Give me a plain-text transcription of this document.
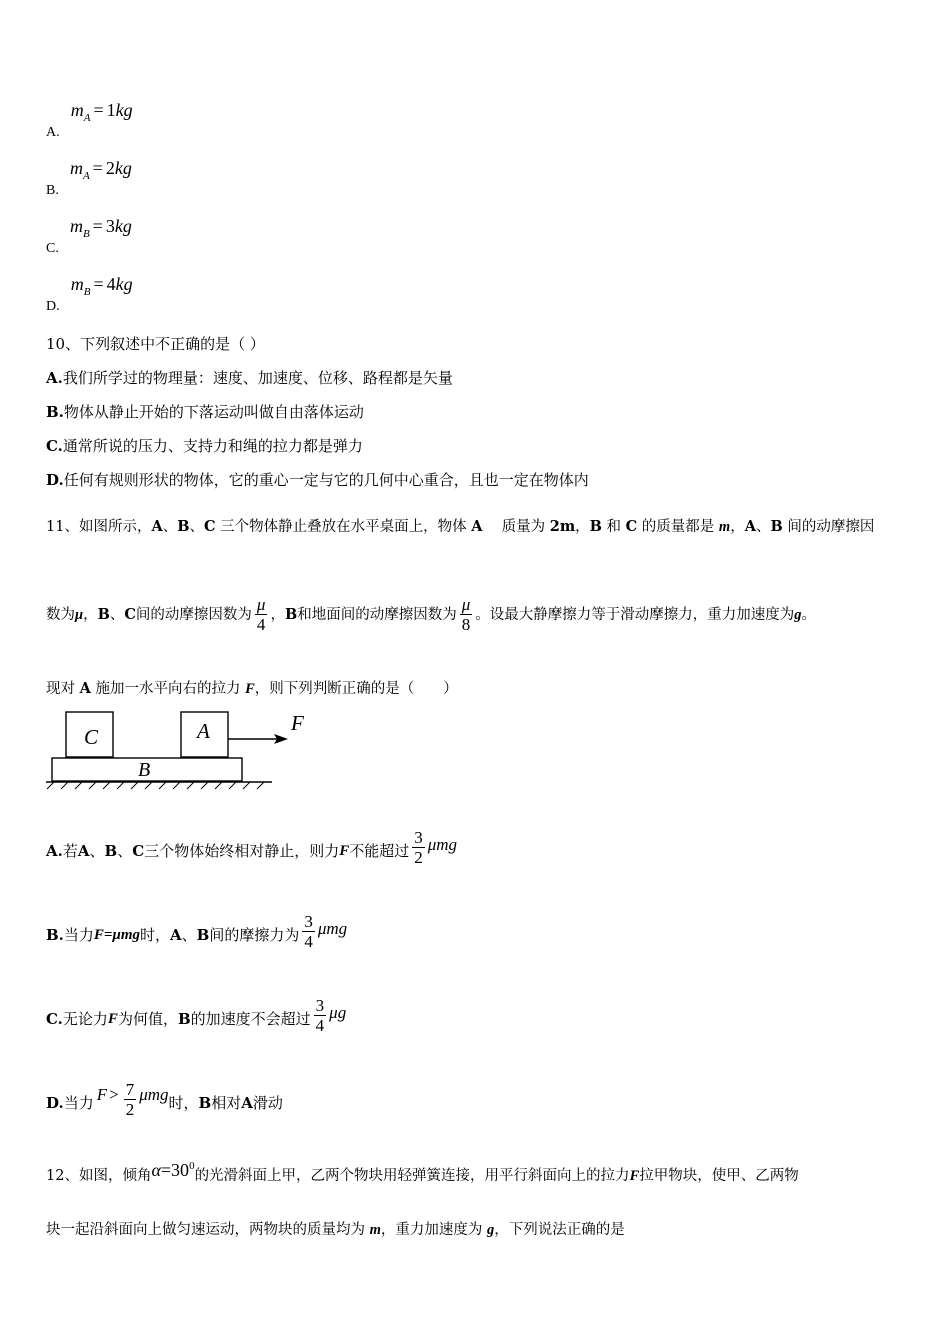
A. $m_A = 1kg$
B. $m_A = 2kg$
C. $m_B = 3kg$
D. $m_B = 4kg$
10、下列叙述中不正确的是（ ）
A.我们所学过的物理量：速度、加速度、位移、路程都是矢量
B.物体从静止开始的下落运动叫做自由落体运动
C.通常所说的压力、支持力和绳的拉力都是弹力
D.任何有规则形状的物体，它的重心一定与它的几何中心重合，且也一定在物体内
11、如图所示，A、B、C 三个物体静止叠放在水平桌面上，物体 A　 质量为 2m，B 和 C 的质量都是 m，A、B 间的动摩擦因
数为 μ ， B 、 C 间的动摩擦因数为 $\frac{\mu}{4}$ ， B 和地面间的动摩擦因数为 $\frac{\mu}{8}$ 。设最大静摩擦力等于滑动摩擦力，重力加速度为 g 。
现对 A 施加一水平向右的拉力 F，则下列判断正确的是（　　）
C	A	F
B
A. 若 A 、 B 、 C 三个物体始终相对静止，则力 F 不能超过 $\frac{3}{2}$ μmg
B. 当力 F=μmg 时， A 、 B 间的摩擦力为 $\frac{3}{4}$ μmg
C. 无论力 F 为何值， B 的加速度不会超过 $\frac{3}{4}$ μg
D. 当力 $F > \frac{7}{2}$ μmg 时， B 相对 A 滑动
12、如图，倾角 $\alpha=30^0$
的光滑斜面上甲，乙两个物块用轻弹簧连接，用平行斜面向上的拉力 F 拉甲物块，使甲、乙两物
块一起沿斜面向上做匀速运动，两物块的质量均为 m，重力加速度为 g，下列说法正确的是
